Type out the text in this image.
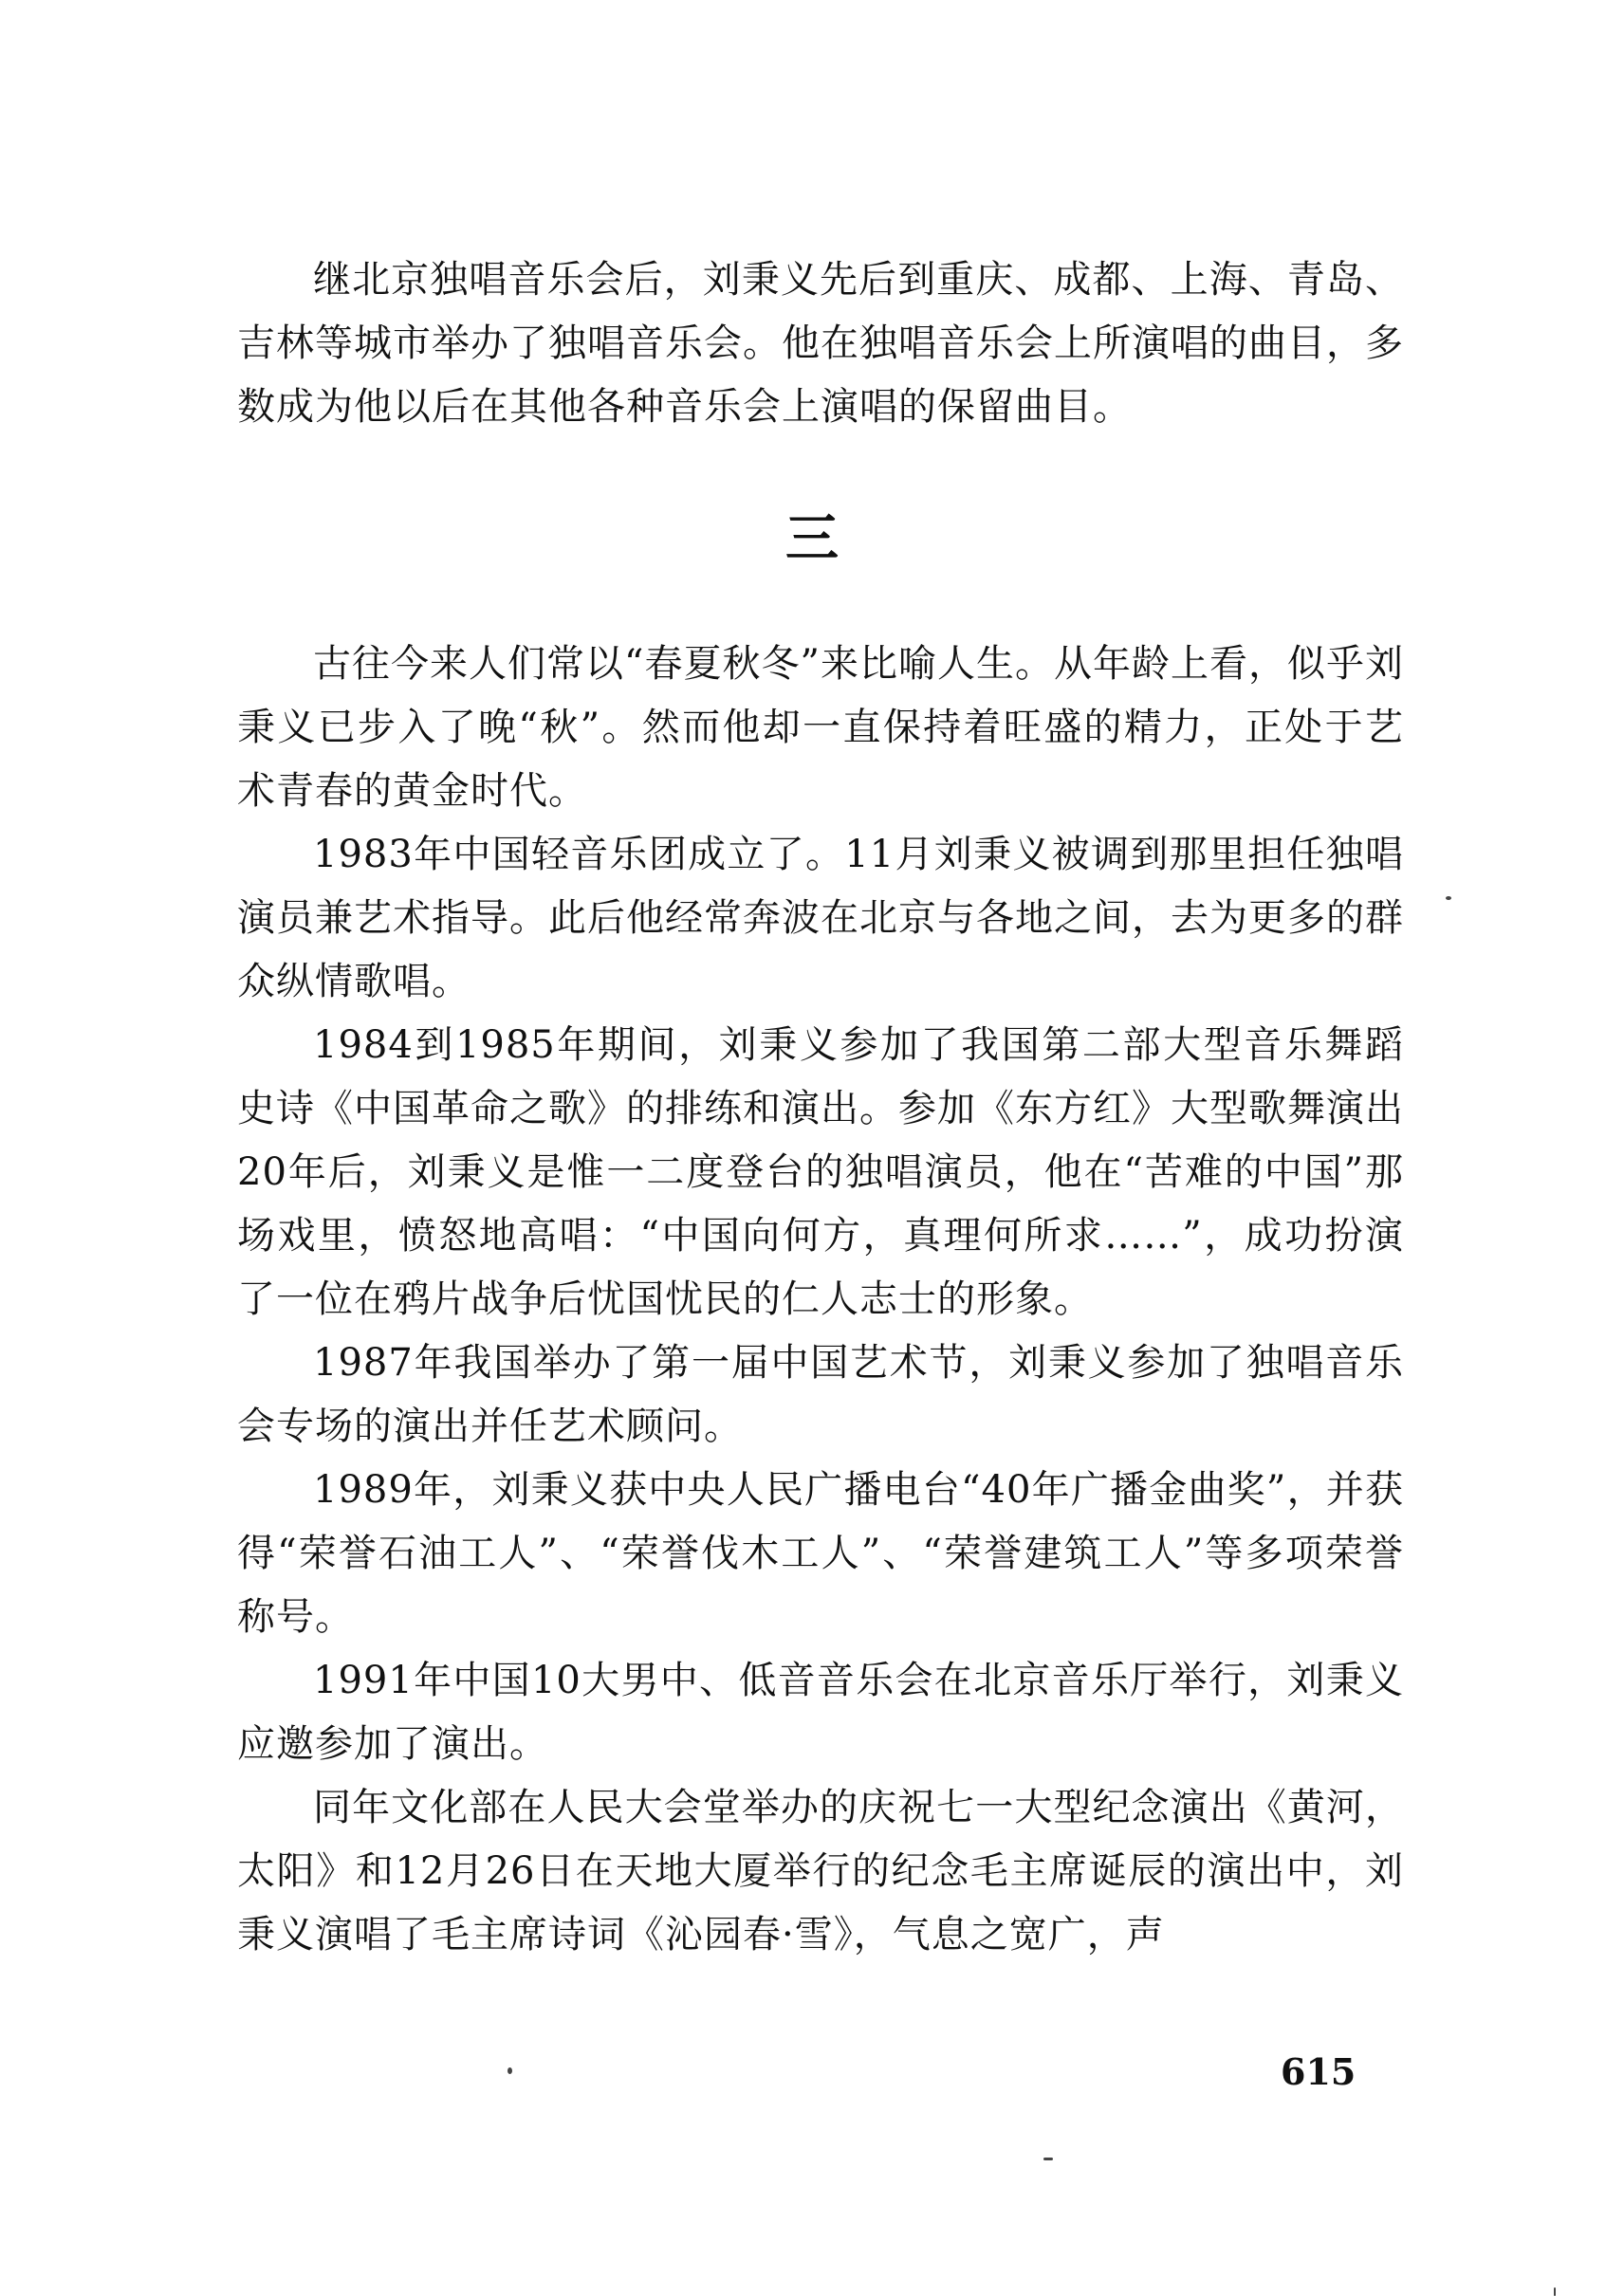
继北京独唱音乐会后，刘秉义先后到重庆、成都、上海、青岛、吉林等城市举办了独唱音乐会。他在独唱音乐会上所演唱的曲目，多数成为他以后在其他各种音乐会上演唱的保留曲目。

三

古往今来人们常以“春夏秋冬”来比喻人生。从年龄上看，似乎刘秉义已步入了晚“秋”。然而他却一直保持着旺盛的精力，正处于艺术青春的黄金时代。

1983年中国轻音乐团成立了。11月刘秉义被调到那里担任独唱演员兼艺术指导。此后他经常奔波在北京与各地之间，去为更多的群众纵情歌唱。

1984到1985年期间，刘秉义参加了我国第二部大型音乐舞蹈史诗《中国革命之歌》的排练和演出。参加《东方红》大型歌舞演出20年后，刘秉义是惟一二度登台的独唱演员，他在“苦难的中国”那场戏里，愤怒地高唱：“中国向何方，真理何所求……”，成功扮演了一位在鸦片战争后忧国忧民的仁人志士的形象。

1987年我国举办了第一届中国艺术节，刘秉义参加了独唱音乐会专场的演出并任艺术顾问。

1989年，刘秉义获中央人民广播电台“40年广播金曲奖”，并获得“荣誉石油工人”、“荣誉伐木工人”、“荣誉建筑工人”等多项荣誉称号。

1991年中国10大男中、低音音乐会在北京音乐厅举行，刘秉义应邀参加了演出。

同年文化部在人民大会堂举办的庆祝七一大型纪念演出《黄河，太阳》和12月26日在天地大厦举行的纪念毛主席诞辰的演出中，刘秉义演唱了毛主席诗词《沁园春·雪》，气息之宽广，声

615
